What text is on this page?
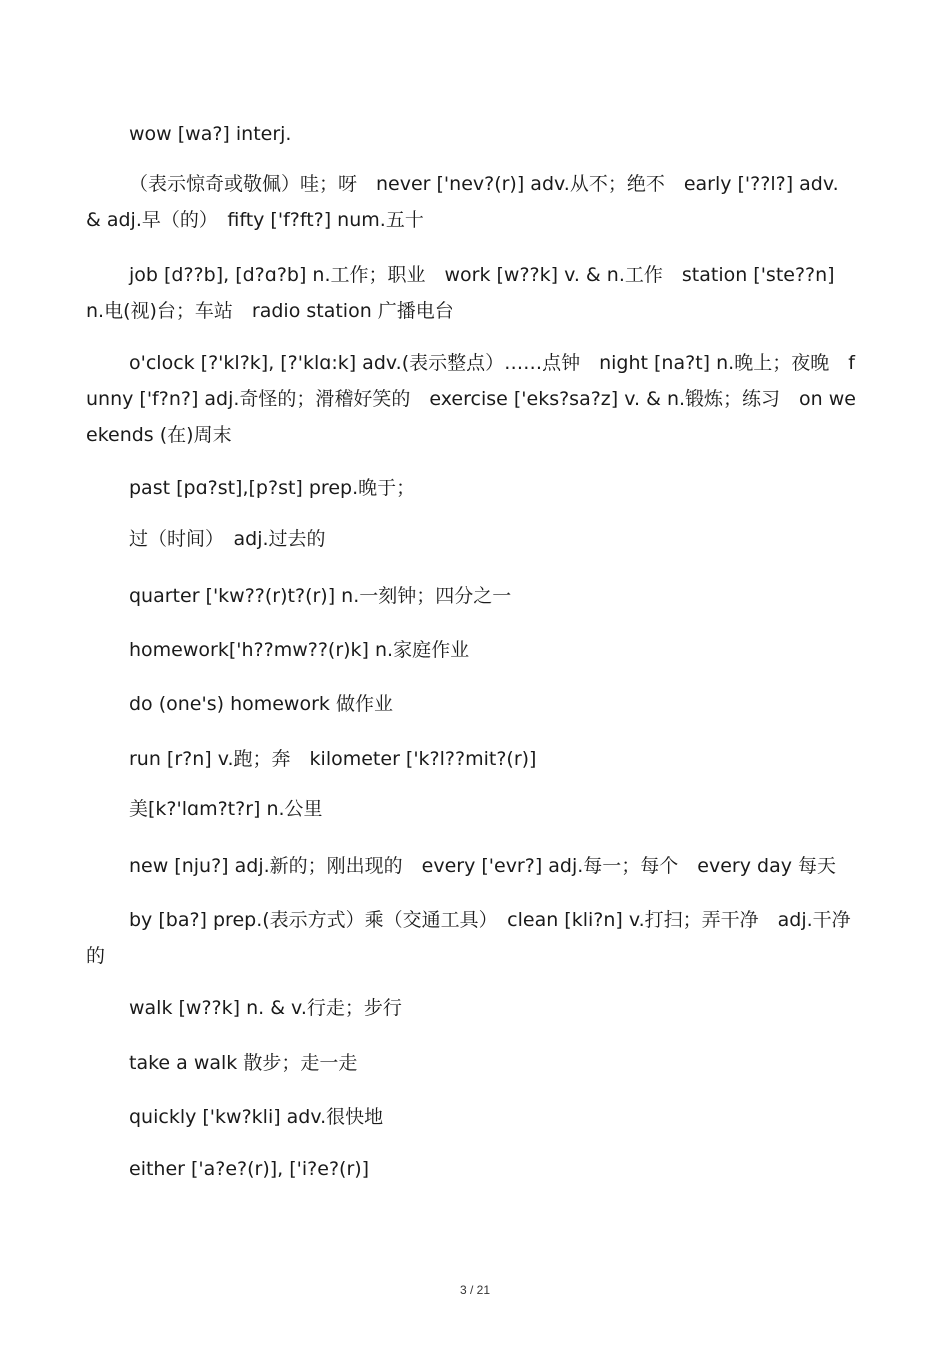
wow [wa?] interj.

（表示惊奇或敬佩）哇；呀　never ['nev?(r)] adv.从不；绝不　early ['??l?] adv. & adj.早（的）　fifty ['f?ft?] num.五十

job [d??b], [d?ɑ?b] n.工作；职业　work [w??k] v. & n.工作　station ['ste??n] n.电(视)台；车站　radio station 广播电台

o'clock [?'kl?k], [?'klɑ:k] adv.(表示整点）……点钟　night [na?t] n.晚上；夜晚　funny ['f?n?] adj.奇怪的；滑稽好笑的　exercise ['eks?sa?z] v. & n.锻炼；练习　on weekends (在)周末

past [pɑ?st],[p?st] prep.晚于；

过（时间）　adj.过去的

quarter ['kw??(r)t?(r)] n.一刻钟；四分之一

homework['h??mw??(r)k] n.家庭作业

do (one's) homework 做作业

run [r?n] v.跑；奔　kilometer ['k?l??mit?(r)]

美[k?'lɑm?t?r] n.公里

new [nju?] adj.新的；刚出现的　every ['evr?] adj.每一；每个　every day 每天

by [ba?] prep.(表示方式）乘（交通工具）　clean [kli?n] v.打扫；弄干净　adj.干净的

walk [w??k] n. & v.行走；步行

take a walk 散步；走一走

quickly ['kw?kli] adv.很快地

either ['a?e?(r)], ['i?e?(r)]

3 / 21
